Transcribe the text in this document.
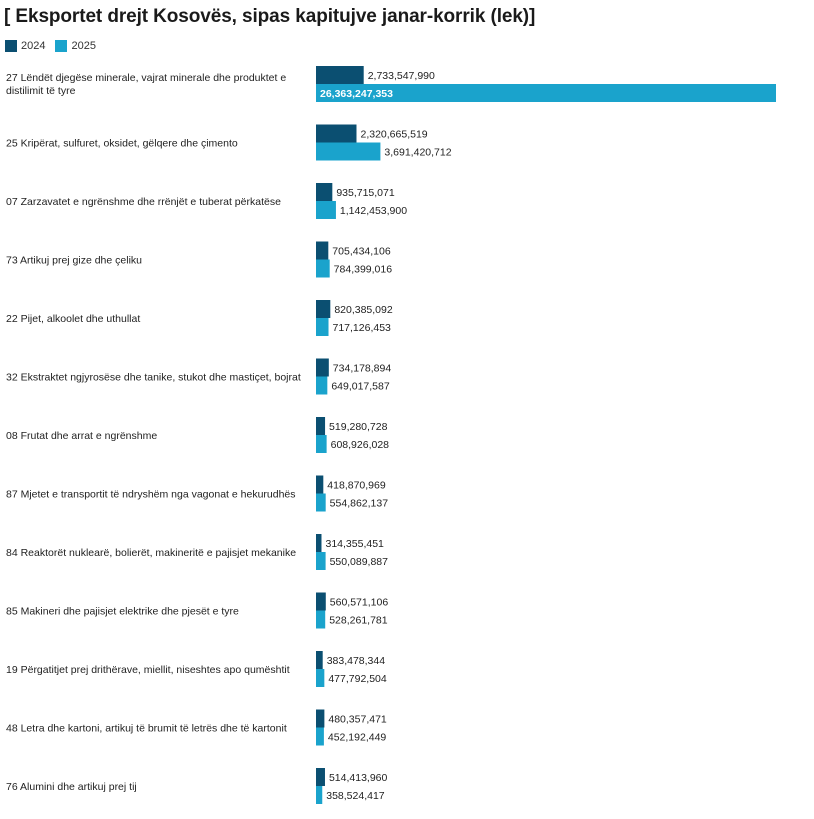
[ Eksportet drejt Kosovës, sipas kapitujve janar-korrik (lek)]
2024 2025
27 Lëndët djegëse minerale, vajrat minerale dhe produktet e distilimit të tyre
2,733,547,990
26,363,247,353
25 Kripërat, sulfuret, oksidet, gëlqere dhe çimento
2,320,665,519
3,691,420,712
07 Zarzavatet e ngrënshme dhe rrënjët e tuberat përkatëse
935,715,071
1,142,453,900
73 Artikuj prej gize dhe çeliku
705,434,106
784,399,016
22 Pijet, alkoolet dhe uthullat
820,385,092
717,126,453
32 Ekstraktet ngjyrosëse dhe tanike, stukot dhe mastiçet, bojrat
734,178,894
649,017,587
08 Frutat dhe arrat e ngrënshme
519,280,728
608,926,028
87 Mjetet e transportit të ndryshëm nga vagonat e hekurudhës
418,870,969
554,862,137
84 Reaktorët nuklearë, bolierët, makineritë e pajisjet mekanike
314,355,451
550,089,887
85 Makineri dhe pajisjet elektrike dhe pjesët e tyre
560,571,106
528,261,781
19 Përgatitjet prej drithërave, miellit, niseshtes apo qumështit
383,478,344
477,792,504
48 Letra dhe kartoni, artikuj të brumit të letrës dhe të kartonit
480,357,471
452,192,449
76 Alumini dhe artikuj prej tij
514,413,960
358,524,417
